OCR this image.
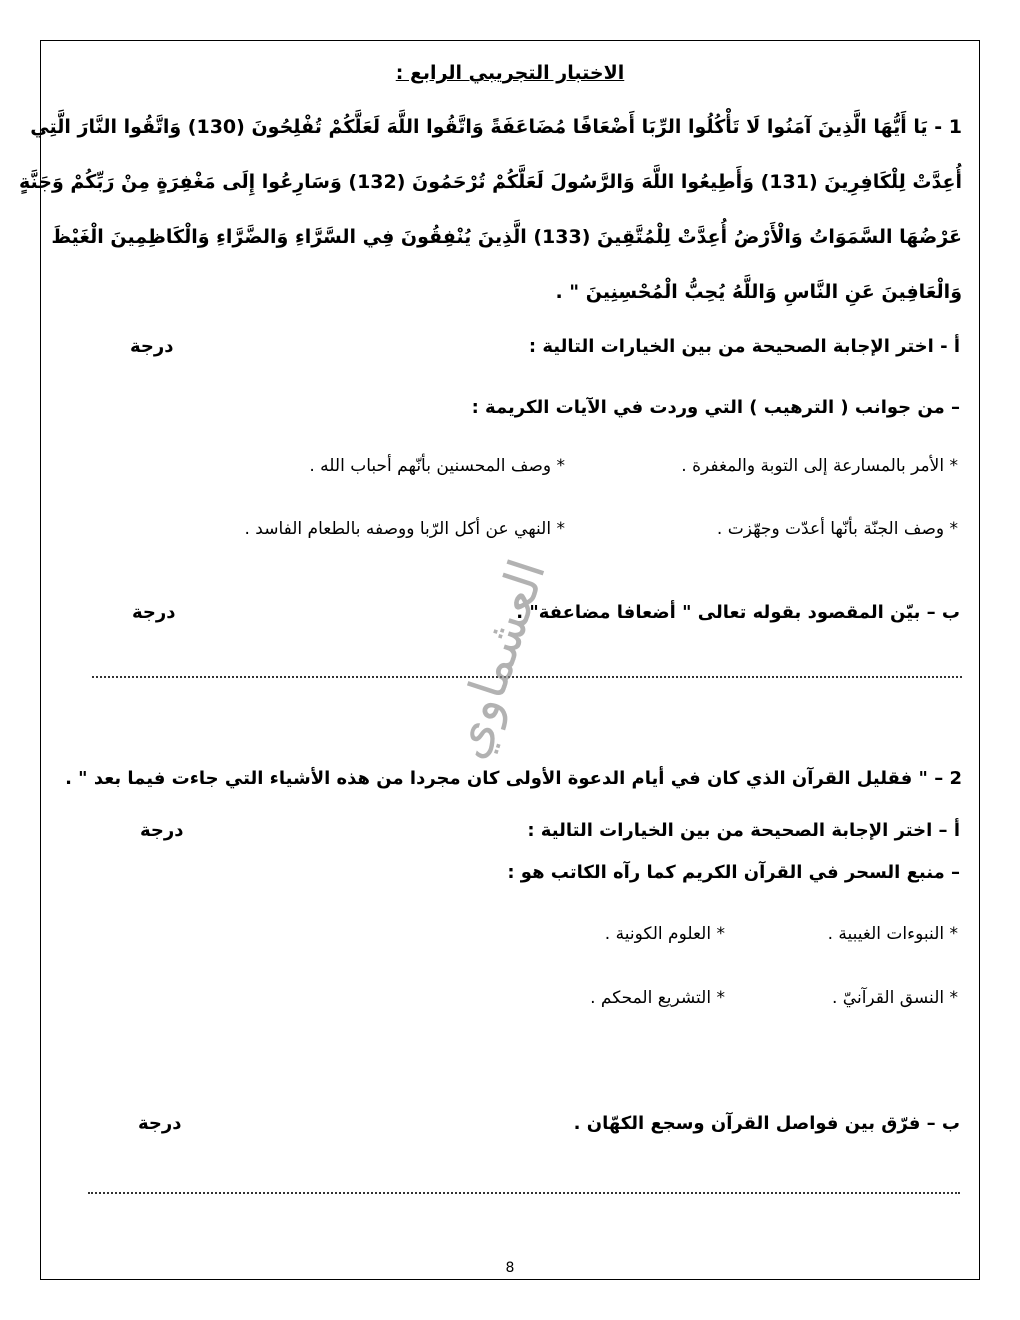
الاختبار التجريبي الرابع :
1 - يَا أَيُّهَا الَّذِينَ آمَنُوا لَا تَأْكُلُوا الرِّبَا أَضْعَافًا مُضَاعَفَةً وَاتَّقُوا اللَّهَ لَعَلَّكُمْ تُفْلِحُونَ (130) وَاتَّقُوا النَّارَ الَّتِي
أُعِدَّتْ لِلْكَافِرِينَ (131) وَأَطِيعُوا اللَّهَ وَالرَّسُولَ لَعَلَّكُمْ تُرْحَمُونَ (132) وَسَارِعُوا إِلَى مَغْفِرَةٍ مِنْ رَبِّكُمْ وَجَنَّةٍ
عَرْضُهَا السَّمَوَاتُ وَالْأَرْضُ أُعِدَّتْ لِلْمُتَّقِينَ (133) الَّذِينَ يُنْفِقُونَ فِي السَّرَّاءِ وَالضَّرَّاءِ وَالْكَاظِمِينَ الْغَيْظَ
وَالْعَافِينَ عَنِ النَّاسِ وَاللَّهُ يُحِبُّ الْمُحْسِنِينَ " .
أ - اختر الإجابة الصحيحة من بين الخيارات التالية :
درجة
– من جوانب ( الترهيب ) التي وردت في الآيات الكريمة :
* الأمر بالمسارعة إلى التوبة والمغفرة .
* وصف المحسنين بأنّهم أحباب الله .
* وصف الجنّة بأنّها أعدّت وجهّزت .
* النهي عن أكل الرّبا ووصفه بالطعام الفاسد .
ب – بيّن المقصود بقوله تعالى " أضعافا مضاعفة" .
درجة	العشماوي
2 – " فقليل القرآن الذي كان في أيام الدعوة الأولى كان مجردا من هذه الأشياء التي جاءت فيما بعد " .
أ – اختر الإجابة الصحيحة من بين الخيارات التالية :
درجة
– منبع السحر في القرآن الكريم كما رآه الكاتب هو :
* النبوءات الغيبية .
* العلوم الكونية .
* النسق القرآنيّ .
* التشريع المحكم .
ب – فرّق بين فواصل القرآن وسجع الكهّان .
درجة
8
